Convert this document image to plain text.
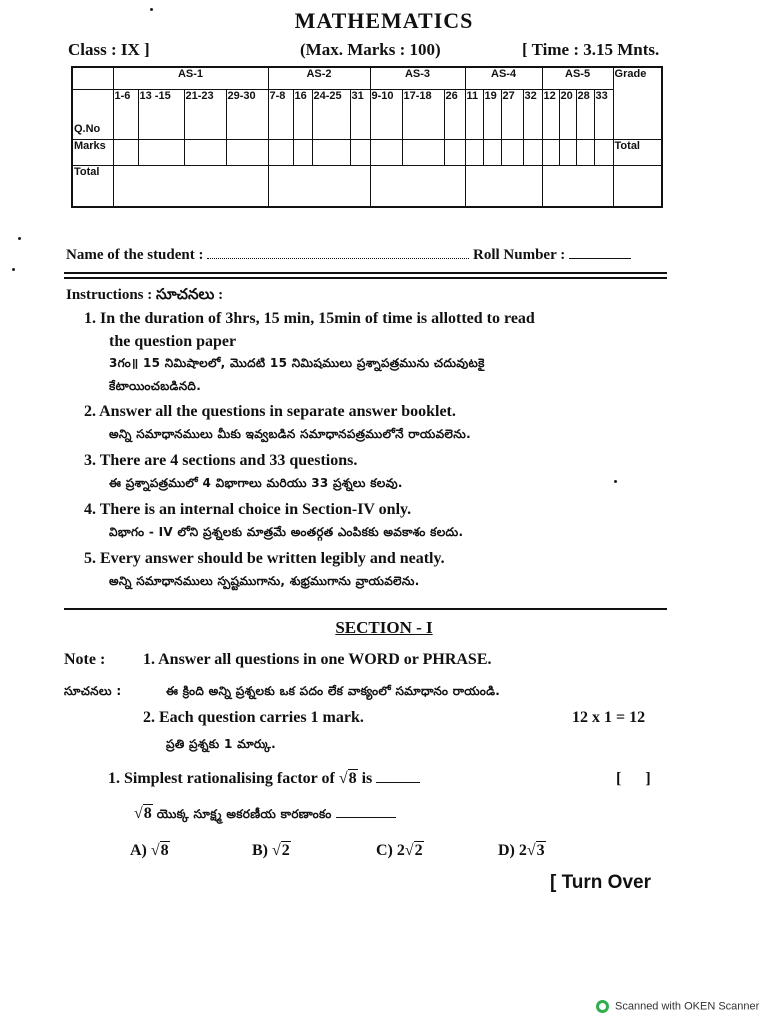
MATHEMATICS
Class : IX ]	(Max. Marks : 100)	[ Time : 3.15 Mnts.
	AS-1				AS-2				AS-3			AS-4				AS-5				Grade
Q.No	1-6	13 -15	21-23	29-30	7-8	16	24-25	31	9-10	17-18	26	11	19	27	32	12	20	28	33	
Marks																				Total
Total																				
Name of the student :	Roll Number :
Instructions : సూచనలు :
1. In the duration of 3hrs, 15 min, 15min of time is allotted to read
the question paper
3గం॥ 15 నిమిషాలలో, మొదటి 15 నిమిషములు ప్రశ్నాపత్రమును చదువుటకై
కేటాయించబడినది.
2. Answer all the questions in separate answer booklet.
అన్ని సమాధానములు మీకు ఇవ్వబడిన సమాధానపత్రములోనే రాయవలెను.
3. There are 4 sections and 33 questions.
ఈ ప్రశ్నాపత్రములో 4 విభాగాలు మరియు 33 ప్రశ్నలు కలవు.
4. There is an internal choice in Section-IV only.
విభాగం - IV లోని ప్రశ్నలకు మాత్రమే అంతర్గత ఎంపికకు అవకాశం కలదు.
5. Every answer should be written legibly and neatly.
అన్ని సమాధానములు స్పష్టముగాను, శుభ్రముగాను వ్రాయవలెను.
SECTION - I
Note : 1. Answer all questions in one WORD or PHRASE.
సూచనలు :	ఈ క్రింది అన్ని ప్రశ్నలకు ఒక పదం లేక వాక్యంలో సమాధానం రాయండి.
2. Each question carries 1 mark.	12 x 1 = 12
ప్రతి ప్రశ్నకు 1 మార్కు.
1. Simplest rationalising factor of √8 is	[      ]
√8 యొక్క సూక్ష్మ అకరణీయ కారణాంకం
A) √8	B) √2	C) 2√2	D) 2√3
[ Turn Over
Scanned with OKEN Scanner
